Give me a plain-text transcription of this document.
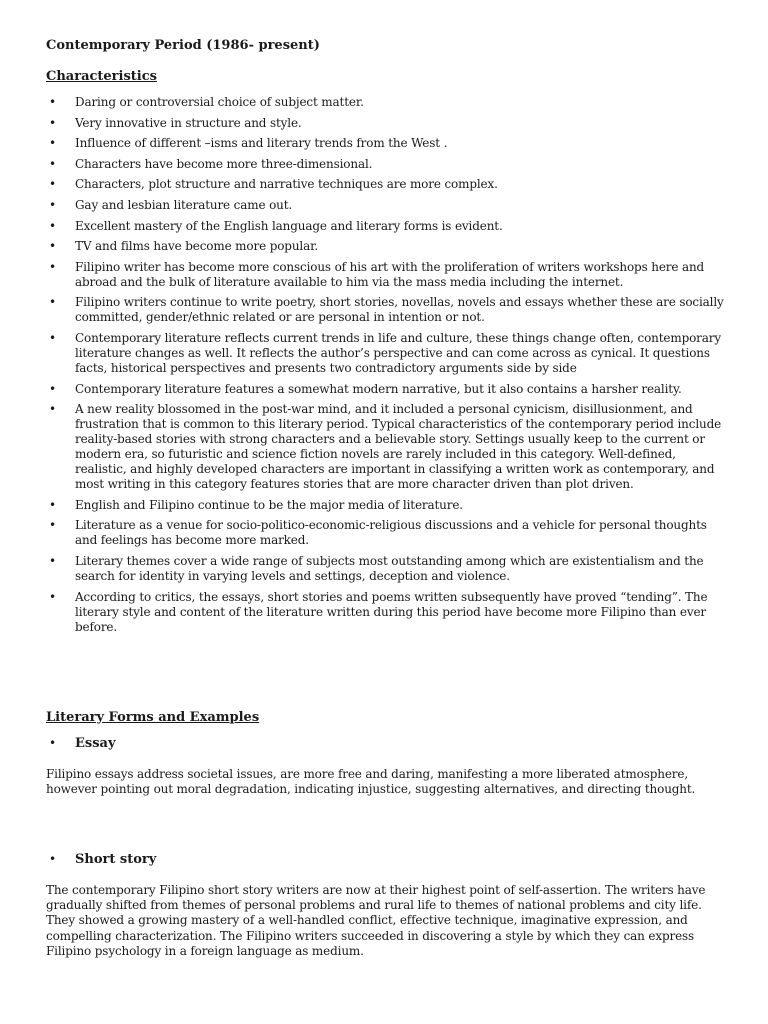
Contemporary Period (1986- present)
Characteristics
• Daring or controversial choice of subject matter.
• Very innovative in structure and style.
• Influence of different –isms and literary trends from the West .
• Characters have become more three-dimensional.
• Characters, plot structure and narrative techniques are more complex.
• Gay and lesbian literature came out.
• Excellent mastery of the English language and literary forms is evident.
• TV and films have become more popular.
• Filipino writer has become more conscious of his art with the proliferation of writers workshops here and abroad and the bulk of literature available to him via the mass media including the internet.
• Filipino writers continue to write poetry, short stories, novellas, novels and essays whether these are socially committed, gender/ethnic related or are personal in intention or not.
• Contemporary literature reflects current trends in life and culture, these things change often, contemporary literature changes as well. It reflects the author’s perspective and can come across as cynical. It questions facts, historical perspectives and presents two contradictory arguments side by side
• Contemporary literature features a somewhat modern narrative, but it also contains a harsher reality.
• A new reality blossomed in the post-war mind, and it included a personal cynicism, disillusionment, and frustration that is common to this literary period. Typical characteristics of the contemporary period include reality-based stories with strong characters and a believable story. Settings usually keep to the current or modern era, so futuristic and science fiction novels are rarely included in this category. Well-defined, realistic, and highly developed characters are important in classifying a written work as contemporary, and most writing in this category features stories that are more character driven than plot driven.
• English and Filipino continue to be the major media of literature.
• Literature as a venue for socio-politico-economic-religious discussions and a vehicle for personal thoughts and feelings has become more marked.
• Literary themes cover a wide range of subjects most outstanding among which are existentialism and the search for identity in varying levels and settings, deception and violence.
• According to critics, the essays, short stories and poems written subsequently have proved “tending”. The literary style and content of the literature written during this period have become more Filipino than ever before.
Literary Forms and Examples
• Essay

Filipino essays address societal issues, are more free and daring, manifesting a more liberated atmosphere, however pointing out moral degradation, indicating injustice, suggesting alternatives, and directing thought.

• Short story

The contemporary Filipino short story writers are now at their highest point of self-assertion. The writers have gradually shifted from themes of personal problems and rural life to themes of national problems and city life. They showed a growing mastery of a well-handled conflict, effective technique, imaginative expression, and compelling characterization. The Filipino writers succeeded in discovering a style by which they can express Filipino psychology in a foreign language as medium.
